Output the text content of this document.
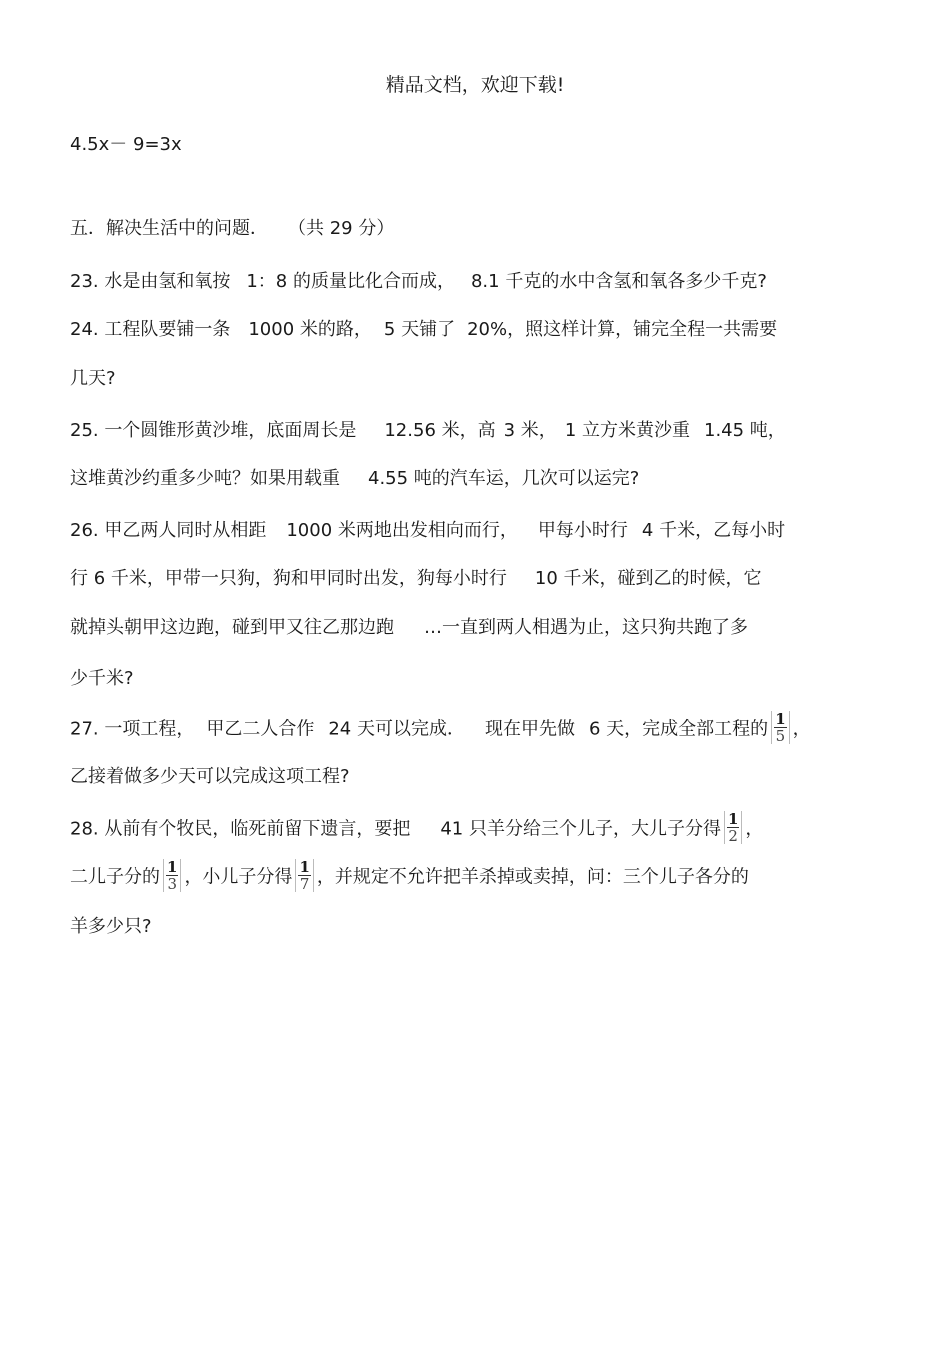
精品文档，欢迎下载!
4.5x－ 9=3x
五．解决生活中的问题． （共 29 分）
23. 水是由氢和氧按 1：8 的质量比化合而成， 8.1 千克的水中含氢和氧各多少千克?
24. 工程队要铺一条 1000 米的路， 5 天铺了 20%，照这样计算，铺完全程一共需要
几天?
25. 一个圆锥形黄沙堆，底面周长是 12.56 米，高 3 米， 1 立方米黄沙重 1.45 吨，
这堆黄沙约重多少吨？如果用载重 4.55 吨的汽车运，几次可以运完?
26. 甲乙两人同时从相距 1000 米两地出发相向而行， 甲每小时行 4 千米，乙每小时
行 6 千米，甲带一只狗，狗和甲同时出发，狗每小时行 10 千米，碰到乙的时候，它
就掉头朝甲这边跑，碰到甲又往乙那边跑 …一直到两人相遇为止，这只狗共跑了多
少千米?
27. 一项工程， 甲乙二人合作 24 天可以完成． 现在甲先做 6 天，完成全部工程的 $\frac{1}{5}$ ，
乙接着做多少天可以完成这项工程?
28. 从前有个牧民，临死前留下遗言，要把 41 只羊分给三个儿子，大儿子分得 $\frac{1}{2}$ ，
二儿子分的 $\frac{1}{3}$ ，小儿子分得 $\frac{1}{7}$ ，并规定不允许把羊杀掉或卖掉，问：三个儿子各分的
羊多少只?
